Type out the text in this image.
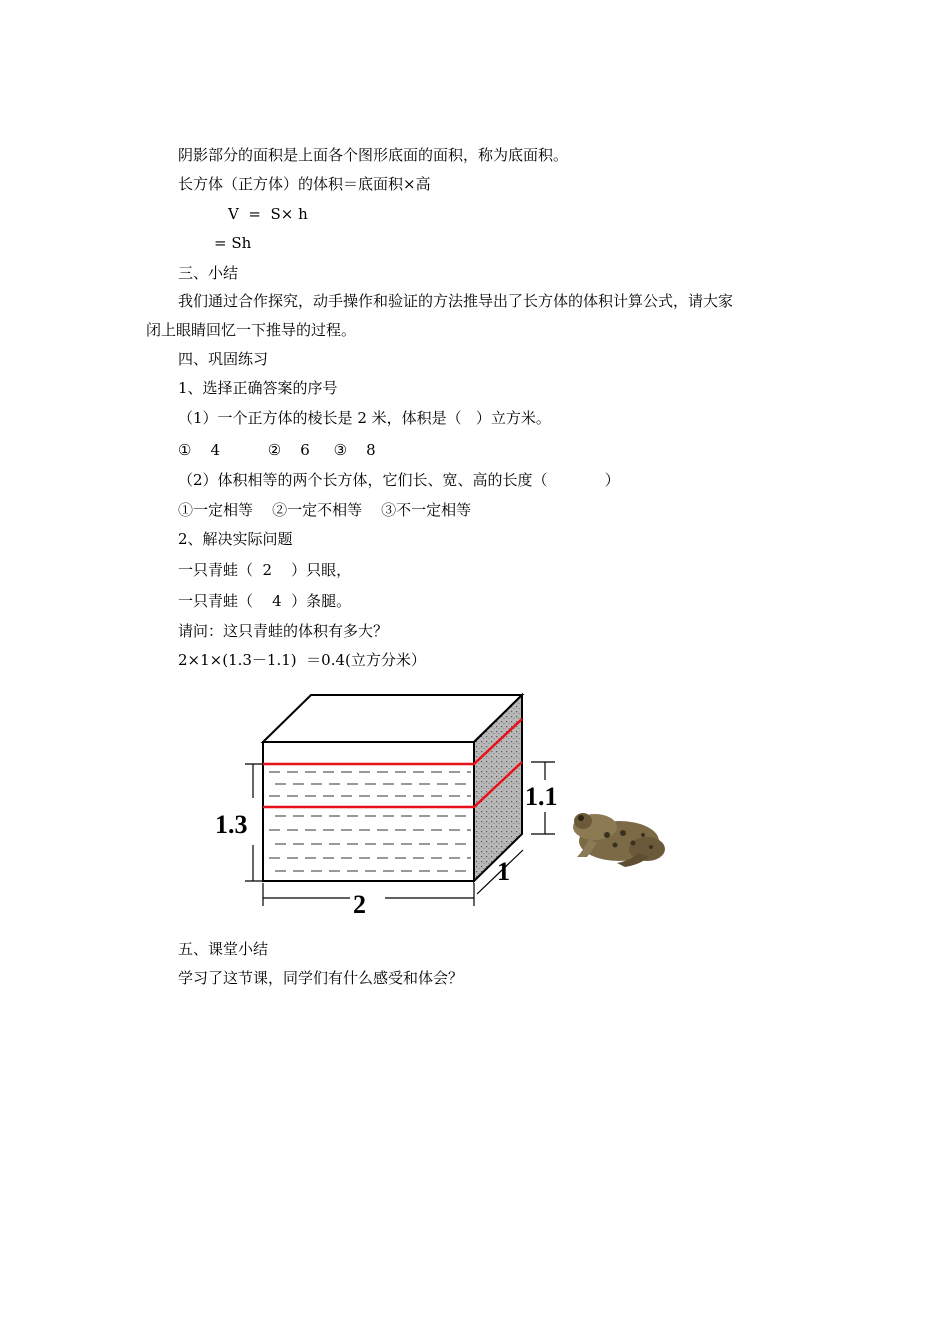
阴影部分的面积是上面各个图形底面的面积，称为底面积。
长方体（正方体）的体积＝底面积×高
V  =  S× h
= Sh
三、小结
我们通过合作探究，动手操作和验证的方法推导出了长方体的体积计算公式，请大家
闭上眼睛回忆一下推导的过程。
四、巩固练习
1、选择正确答案的序号
（1）一个正方体的棱长是 2 米，体积是（   ）立方米。
①    4          ②    6     ③    8
（2）体积相等的两个长方体，它们长、宽、高的长度（            ）
①一定相等    ②一定不相等    ③不一定相等
2、解决实际问题
一只青蛙（  2    ）只眼，
一只青蛙（    4  ）条腿。
请问：这只青蛙的体积有多大？
2×1×(1.3－1.1)  ＝0.4(立方分米）
1.3
1.1
2
1
五、课堂小结
学习了这节课，同学们有什么感受和体会？
